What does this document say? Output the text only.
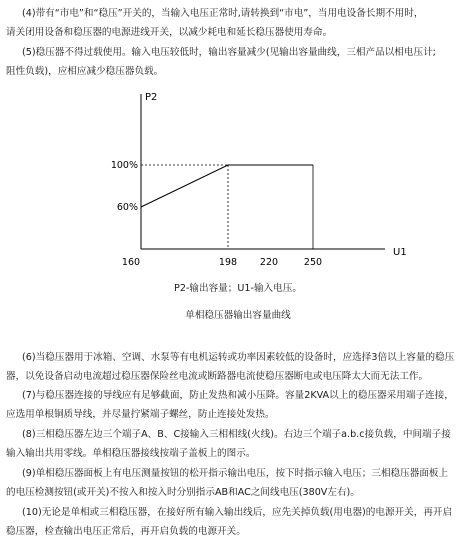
(4)带有“市电”和“稳压”开关的，当输入电压正常时,请转换到“市电”，当用电设备长期不用时，
请关闭用设备和稳压器的电源进线开关，以减少耗电和延长稳压器使用寿命。
(5)稳压器不得过载使用。输入电压较低时，输出容量减少(见输出容量曲线，三相产品以相电压计;
阻性负载)，应相应减少稳压器负载。
P2
U1
60%
100%
160	198 220	250
P2-输出容量；U1-输入电压。
单相稳压器输出容量曲线
(6)当稳压器用于冰箱、空调、水泵等有电机运转或功率因素较低的设备时，应选择3倍以上容量的稳压
器，以免设备启动电流超过稳压器保险丝电流或断路器电流使稳压器断电或电压降太大而无法工作。
(7)与稳压器连接的导线应有足够截面，防止发热和减小压降。容量2KVA以上的稳压器采用端子连接，
应选用单根铜质导线，并尽量拧紧端子螺丝，防止连接处发热。
(8)三相稳压器左边三个端子A、B、C接输入三相相线(火线)。右边三个端子a.b.c接负载，中间端子接
输入输出共用零线。单相稳压器接线按端子盖板上的图示。
(9)单相稳压器面板上有电压测量按钮的松开指示输出电压，按下时指示输入电压；三相稳压器面板上
的电压检测按钮(或开关)不按入和按入时分别指示AB和AC之间线电压(380V左右)。
(10)无论是单相或三相稳压器，在接好所有输入输出线后，应先关掉负载(用电器)的电源开关，再开启
稳压器，检查输出电压正常后，再开启负载的电源开关。
